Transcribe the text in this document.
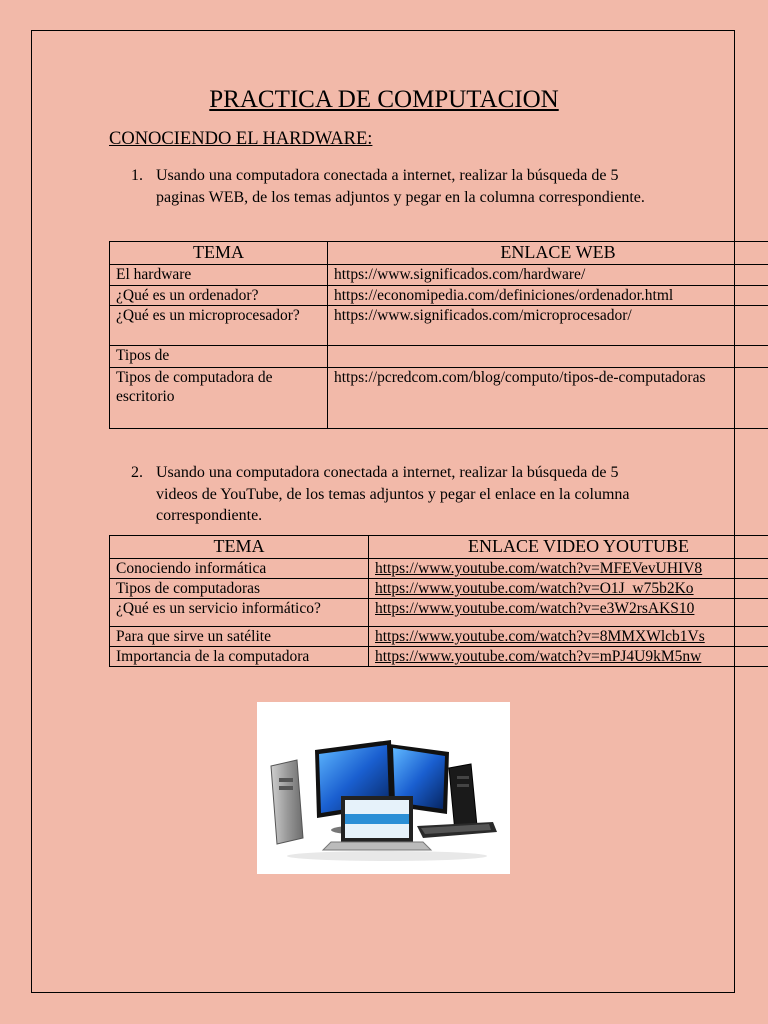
PRACTICA DE COMPUTACION
CONOCIENDO EL HARDWARE:
1. Usando una computadora conectada a internet, realizar la búsqueda de 5 paginas WEB, de los temas adjuntos y pegar en la columna correspondiente.
TEMA	ENLACE WEB
El hardware	https://www.significados.com/hardware/
¿Qué es un ordenador?	https://economipedia.com/definiciones/ordenador.html
¿Qué es un microprocesador?	https://www.significados.com/microprocesador/
Tipos de	
Tipos de computadora de escritorio	https://pcredcom.com/blog/computo/tipos-de-computadoras
2. Usando una computadora conectada a internet, realizar la búsqueda de 5 videos de YouTube, de los temas adjuntos y pegar el enlace en la columna correspondiente.
TEMA	ENLACE VIDEO YOUTUBE
Conociendo informática	https://www.youtube.com/watch?v=MFEVevUHIV8
Tipos de computadoras	https://www.youtube.com/watch?v=O1J_w75b2Ko
¿Qué es un servicio informático?	https://www.youtube.com/watch?v=e3W2rsAKS10
Para que sirve un satélite	https://www.youtube.com/watch?v=8MMXWlcb1Vs
Importancia de la computadora	https://www.youtube.com/watch?v=mPJ4U9kM5nw
